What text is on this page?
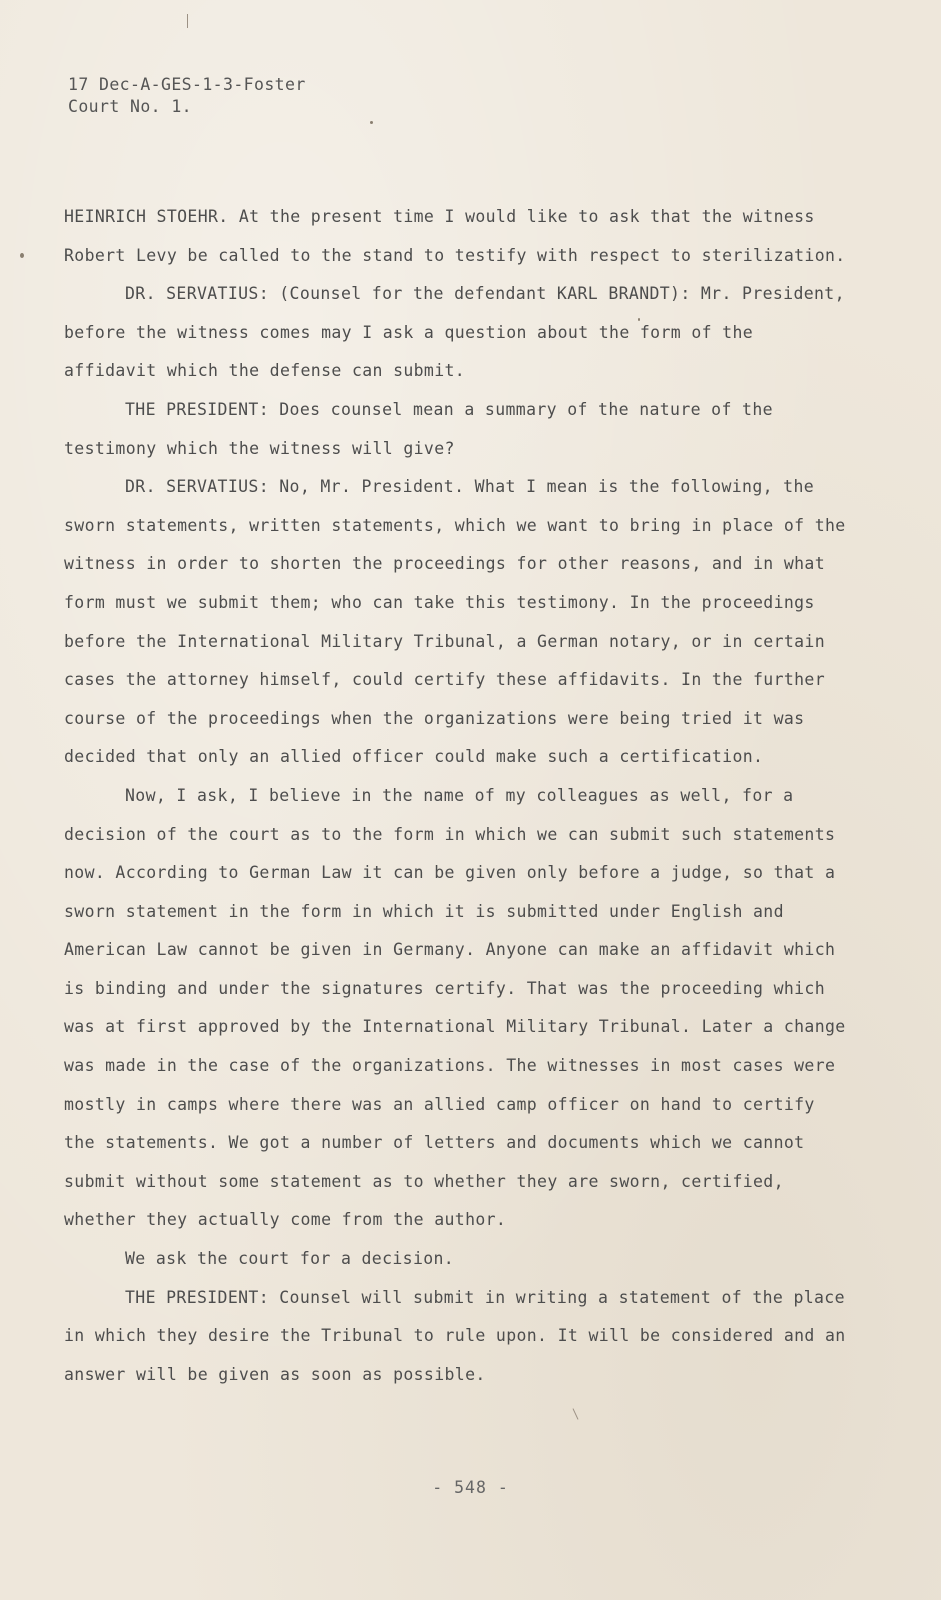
17 Dec-A-GES-1-3-Foster
Court No. 1.

HEINRICH STOEHR. At the present time I would like to ask that the witness Robert Levy be called to the stand to testify with respect to sterilization.

DR. SERVATIUS: (Counsel for the defendant KARL BRANDT): Mr. President, before the witness comes may I ask a question about the form of the affidavit which the defense can submit.

THE PRESIDENT: Does counsel mean a summary of the nature of the testimony which the witness will give?

DR. SERVATIUS: No, Mr. President. What I mean is the following, the sworn statements, written statements, which we want to bring in place of the witness in order to shorten the proceedings for other reasons, and in what form must we submit them; who can take this testimony. In the proceedings before the International Military Tribunal, a German notary, or in certain cases the attorney himself, could certify these affidavits. In the further course of the proceedings when the organizations were being tried it was decided that only an allied officer could make such a certification.

Now, I ask, I believe in the name of my colleagues as well, for a decision of the court as to the form in which we can submit such statements now. According to German Law it can be given only before a judge, so that a sworn statement in the form in which it is submitted under English and American Law cannot be given in Germany. Anyone can make an affidavit which is binding and under the signatures certify. That was the proceeding which was at first approved by the International Military Tribunal. Later a change was made in the case of the organizations. The witnesses in most cases were mostly in camps where there was an allied camp officer on hand to certify the statements. We got a number of letters and documents which we cannot submit without some statement as to whether they are sworn, certified, whether they actually come from the author.

We ask the court for a decision.

THE PRESIDENT: Counsel will submit in writing a statement of the place in which they desire the Tribunal to rule upon. It will be considered and an answer will be given as soon as possible.

- 548 -
